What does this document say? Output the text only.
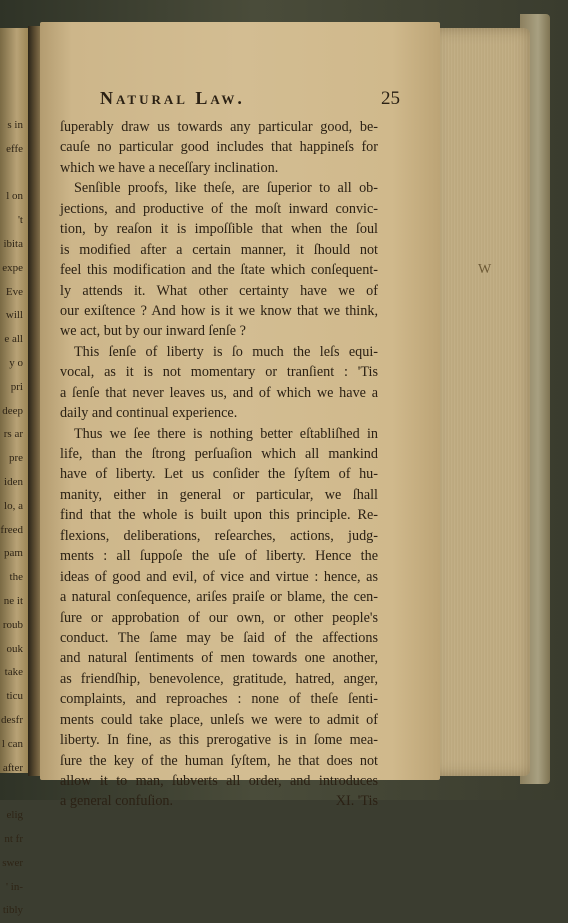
W
s in
effe

l on
't
ibita
expe
Eve
will
e all
y o
pri
deep
rs ar
pre
iden
lo, a
freed
pam
the
ne it
roub
ouk
take
ticu
desfr
l can
after

elig
nt fr
swer
' in-
tibly
Natural Law.	25
ſuperably draw us towards any particular good, be-
cauſe no particular good includes that happineſs for
which we have a neceſſary inclination.
Senſible proofs, like theſe, are ſuperior to all ob-
jections, and productive of the moſt inward convic-
tion, by reaſon it is impoſſible that when the ſoul
is modified after a certain manner, it ſhould not
feel this modification and the ſtate which conſequent-
ly attends it. What other certainty have we of
our exiſtence ? And how is it we know that we think,
we act, but by our inward ſenſe ?
This ſenſe of liberty is ſo much the leſs equi-
vocal, as it is not momentary or tranſient : 'Tis
a ſenſe that never leaves us, and of which we have a
daily and continual experience.
Thus we ſee there is nothing better eſtabliſhed in
life, than the ſtrong perſuaſion which all mankind
have of liberty. Let us conſider the ſyſtem of hu-
manity, either in general or particular, we ſhall
find that the whole is built upon this principle. Re-
flexions, deliberations, reſearches, actions, judg-
ments : all ſuppoſe the uſe of liberty. Hence the
ideas of good and evil, of vice and virtue : hence, as
a natural conſequence, ariſes praiſe or blame, the cen-
ſure or approbation of our own, or other people's
conduct. The ſame may be ſaid of the affections
and natural ſentiments of men towards one another,
as friendſhip, benevolence, gratitude, hatred, anger,
complaints, and reproaches : none of theſe ſenti-
ments could take place, unleſs we were to admit of
liberty. In fine, as this prerogative is in ſome mea-
ſure the key of the human ſyſtem, he that does not
allow it to man, ſubverts all order, and introduces
a general confuſion.	XI. 'Tis
